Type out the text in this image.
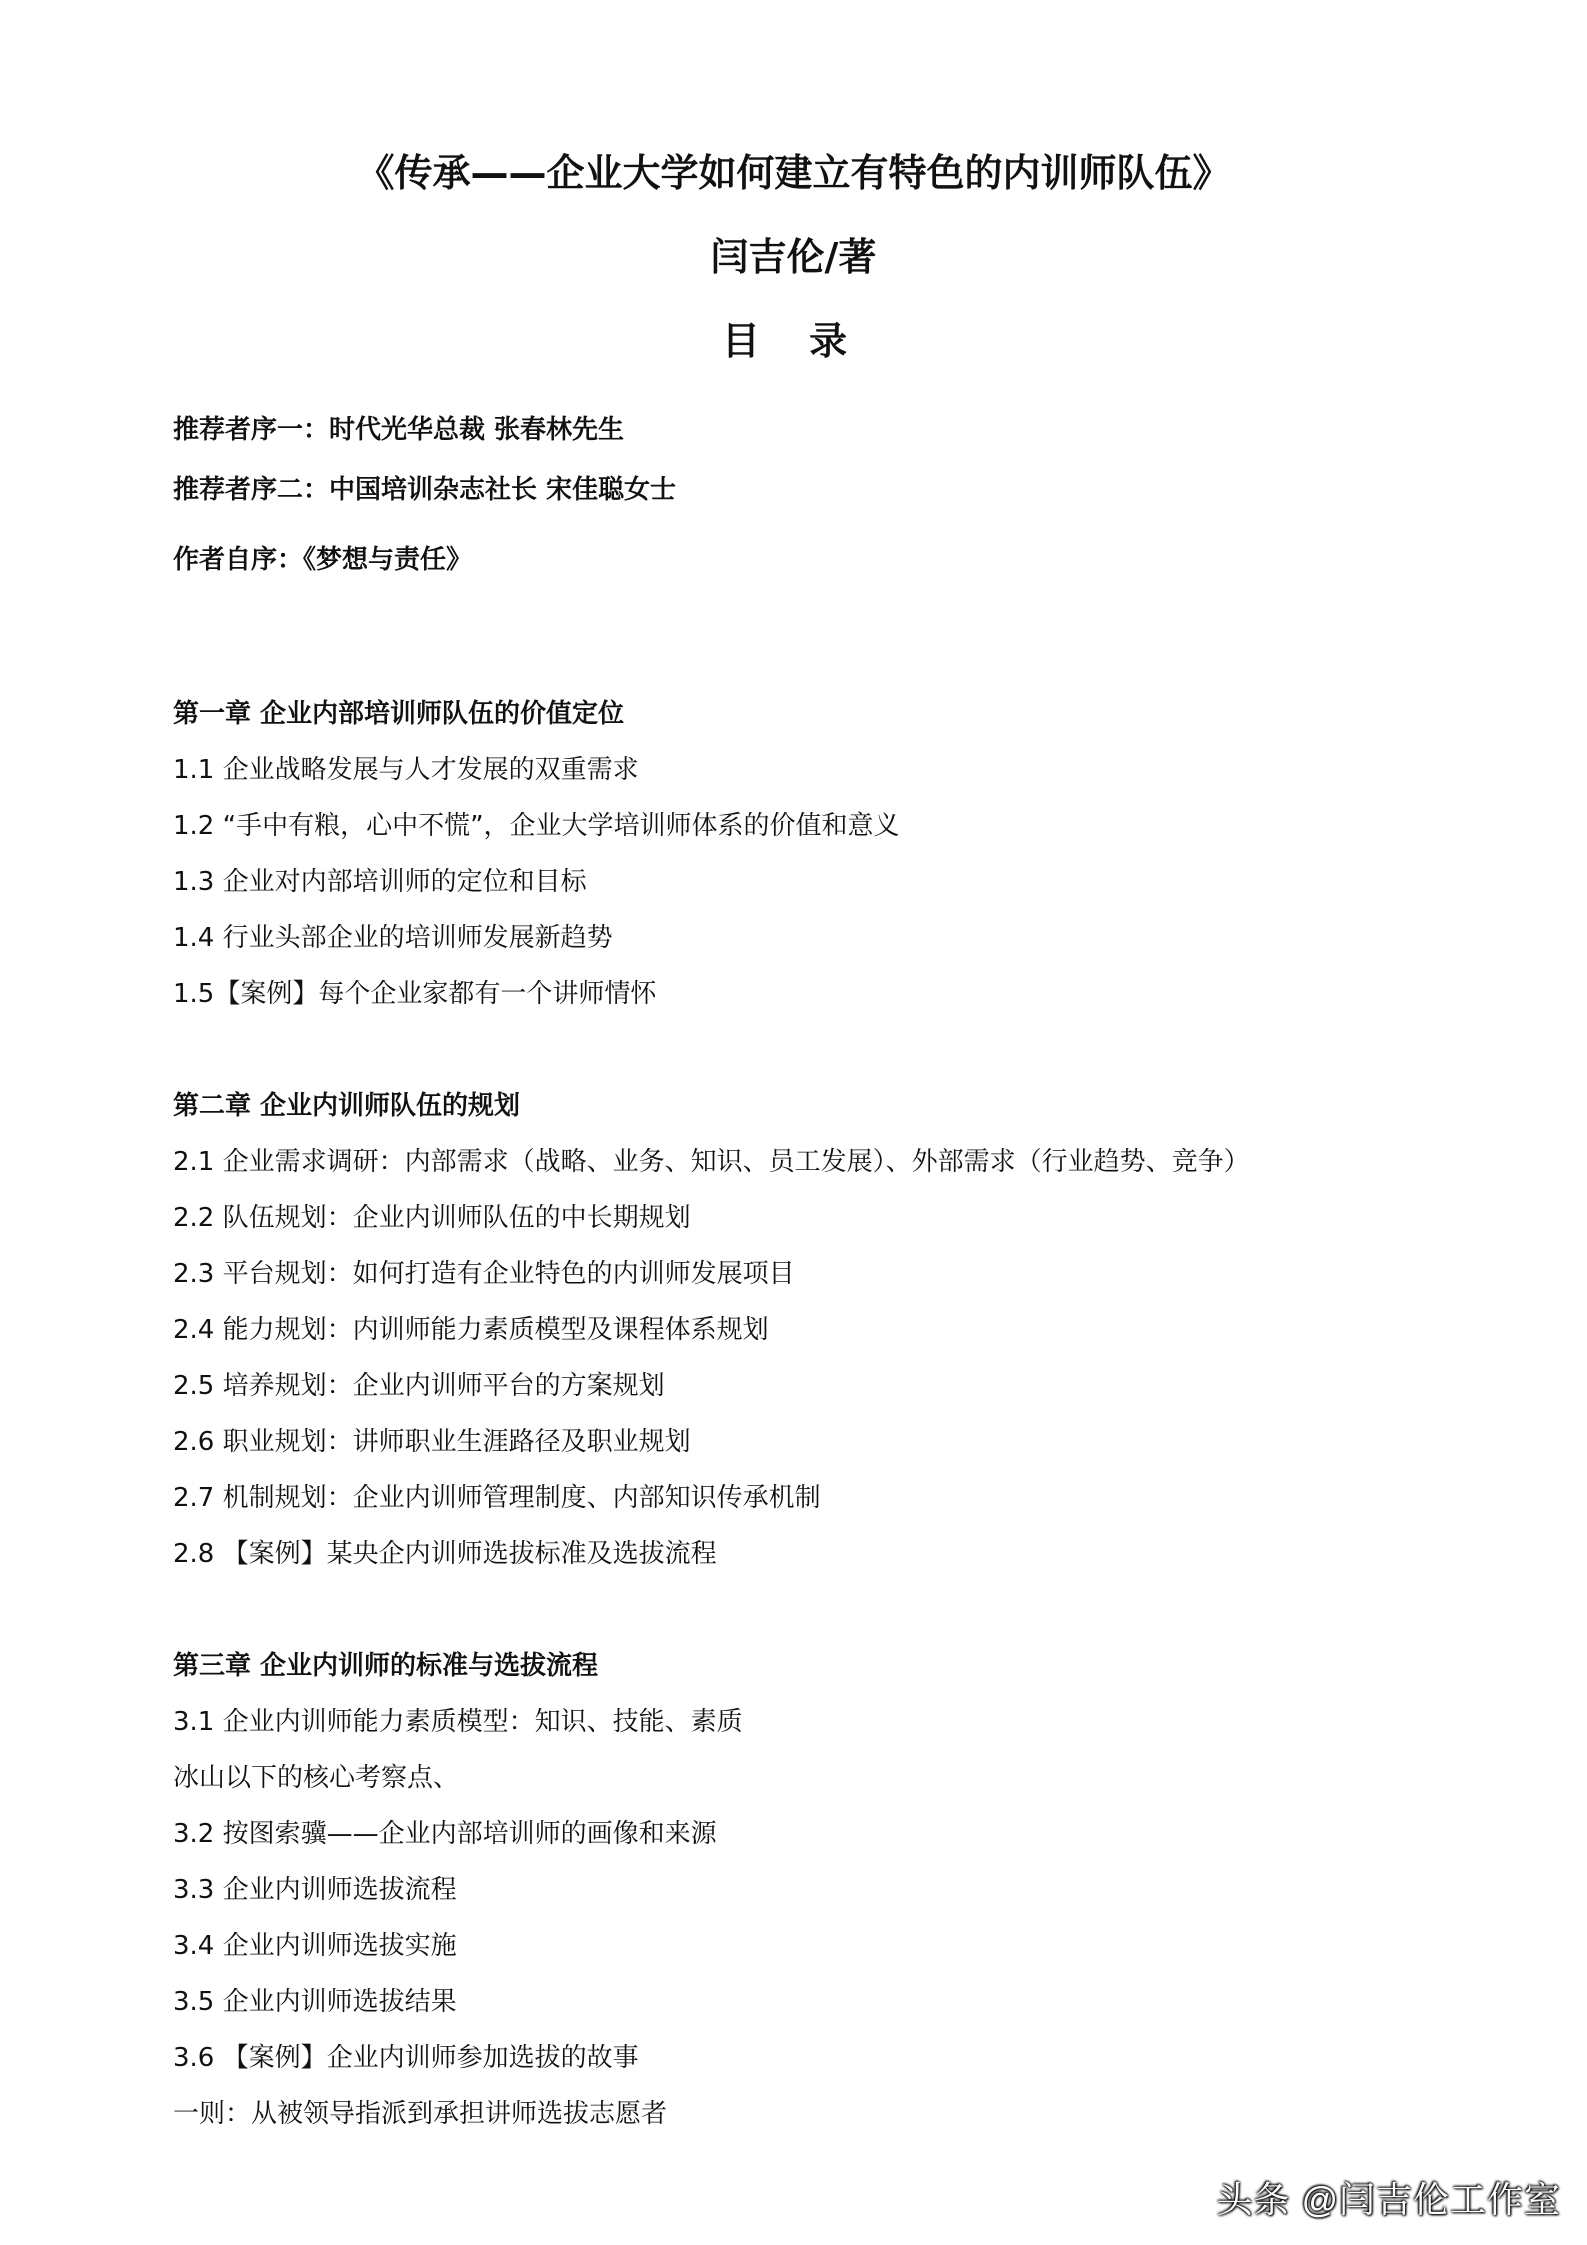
《传承——企业大学如何建立有特色的内训师队伍》
闫吉伦/著
目 录
推荐者序一：时代光华总裁 张春林先生
推荐者序二：中国培训杂志社长 宋佳聪女士
作者自序：《梦想与责任》
第一章 企业内部培训师队伍的价值定位
1.1 企业战略发展与人才发展的双重需求
1.2 “手中有粮，心中不慌”，企业大学培训师体系的价值和意义
1.3 企业对内部培训师的定位和目标
1.4 行业头部企业的培训师发展新趋势
1.5【案例】每个企业家都有一个讲师情怀
第二章 企业内训师队伍的规划
2.1 企业需求调研：内部需求（战略、业务、知识、员工发展）、外部需求（行业趋势、竞争）
2.2 队伍规划：企业内训师队伍的中长期规划
2.3 平台规划：如何打造有企业特色的内训师发展项目
2.4 能力规划：内训师能力素质模型及课程体系规划
2.5 培养规划：企业内训师平台的方案规划
2.6 职业规划：讲师职业生涯路径及职业规划
2.7 机制规划：企业内训师管理制度、内部知识传承机制
2.8 【案例】某央企内训师选拔标准及选拔流程
第三章 企业内训师的标准与选拔流程
3.1 企业内训师能力素质模型：知识、技能、素质
冰山以下的核心考察点、
3.2 按图索骥——企业内部培训师的画像和来源
3.3 企业内训师选拔流程
3.4 企业内训师选拔实施
3.5 企业内训师选拔结果
3.6 【案例】企业内训师参加选拔的故事
一则：从被领导指派到承担讲师选拔志愿者
头条 @闫吉伦工作室
